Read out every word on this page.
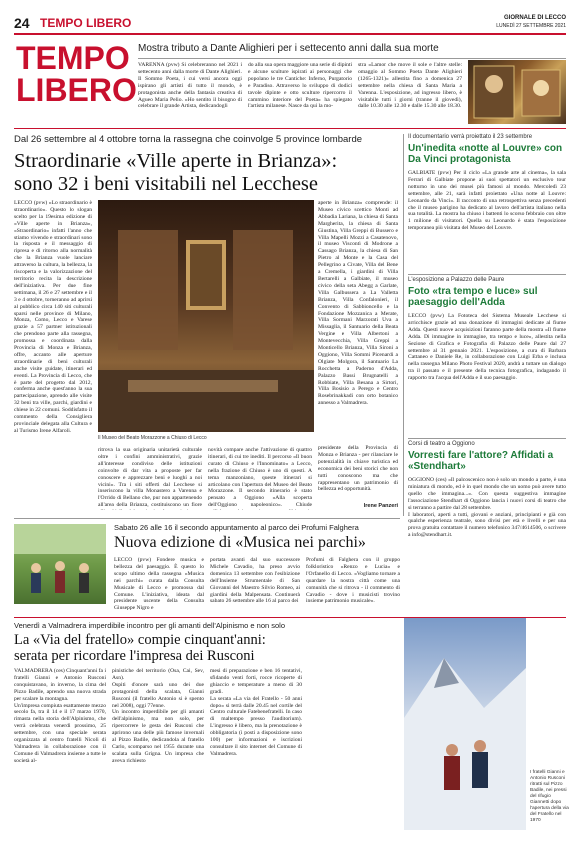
24 TEMPO LIBERO	GIORNALE DI LECCO
LUNEDÌ 27 SETTEMBRE 2021
TEMPO
LIBERO
Mostra tributo a Dante Alighieri per i settecento anni dalla sua morte
VARENNA (pvw) Si celebreranno nel 2021 i settecento anni dalla morte di Dante Alighieri. Il Sommo Poeta, i cui versi ancora oggi ispirano gli artisti di tutto il mondo, è protagonista anche della fantasia creativa di Agueo Maria Pelio. «Ho sentito il bisogno di celebrare il grande Artista, dedicandogli
do alla sua opera maggiore una serie di dipinti e alcune sculture ispirati ai personaggi che popolano le tre Cantiche: Inferno, Purgatorio e Paradiso. Attraverso lo sviluppo di dodici tavole dipinte e otto sculture ripercorro il cammino interiore del Poeta» ha spiegato l'artista milanese. Nasce da qui la mo-
stra «Lamor che move il sole e l'altre stelle: omaggio al Sommo Poeta Dante Alighieri (1265-1321)» allestita fino a domenica 27 settembre nella chiesa di Santa Maria a Varenna. L'esposizione, ad ingresso libero, è visitabile tutti i giorni (tranne il giovedì), dalle 10.30 alle 12.30 e dalle 15.30 alle 18.30.
Dal 26 settembre al 4 ottobre torna la rassegna che coinvolge 5 province lombarde
Straordinarie «Ville aperte in Brianza»:
sono 32 i beni visitabili nel Lecchese
LECCO (pvw) «Lo straordinario è straordinario». Questo lo slogan scelto per la 19esima edizione di «Ville aperte in Brianza», «Straordinario» infatti l'anno che stiamo vivendo e straordinari sono la risposta e il messaggio di ripresa e di ritorno alla normalità che la Brianza vuole lanciare attraverso la cultura, la bellezza, la riscoperta e la valorizzazione del territorio recita la descrizione dell'iniziativa. Per due fine settimana, il 26 e 27 settembre e il 3 e 4 ottobre, torneranno ad aprirsi al pubblico circa 140 siti culturali sparsi nelle province di Milano, Monza, Como, Lecco e Varese grazie a 57 partner istituzionali che prendono parte alla rassegna, promossa e coordinata dalla Provincia di Monza e Brianza, offre, accanto alle aperture straordinarie di beni culturali anche visite guidate, itinerari ed eventi. La Provincia di Lecco, che è parte del progetto dal 2012, conferma anche quest'anno la sua partecipazione, aprendo alle visite 32 beni tra ville, parchi, giardini e chiese in 22 comuni. Soddisfatto il commento della Consigliera provinciale delegata alla Cultura e al Turismo Irene Alfaroli.
Il Museo del Beato Morazzone a Chiuso di Lecco
ritrova la sua originaria unitarietà culturale oltre i confini amministrativi, grazie all'interesse condiviso delle istituzioni coinvolte di dar vita a proposte per far conoscere e apprezzare beni e luoghi a noi vicini». Tra i siti offerti dal Lecchese si inseriscono la villa Monastero a Varenna e l'Orrido di Bellano che, pur non appartenendo all'area della Brianza, costituiscono un fiore
novità compare anche l'attivazione di quattro itinerari, di cui tre inediti. Il percorso «Il buon curato di Chiuso e l'Innominato» a Lecco, nella frazione di Chiuso è uno di questi. A tema manzoniano, queste itinerari si articolano con l'apertura del Museo del Beato Morazzone. Il secondo itinerario è stato pensato a Oggiono «Alla scoperta dell'Oggiono napoleonico». Chiude
aperte in Brianza» comprende: il Museo civico scettico Monti ad Abbadia Lariana, la chiesa di Santa Margherita, la chiesa di Santa Giustina, Villa Greppi di Bussero e Villa Mapelli Mozzi a Casatenovo, il museo Viscontì di Modrone a Cassago Brianza, la chiesa di San Pietro al Monte e la Casa del Pellegrino a Civate, Villa del Bene a Cremella, i giardini di Villa Bertarelli a Galbiate, il museo civico della seta Abegg a Garlate, Villa Galbussera a La Valletta Brianza, Villa Confalonieri, il Convento di Sabbioncello e la Fondazione Mozzanica a Merate, Villa Sormani Marzorati Uva a Missaglia, il Santuario della Beata Vergine e Villa Albertoni a Montevecchia, Villa Greppi a Monticello Brianza, Villa Sironi a Oggiono, Villa Sommi Picenardi a Olgiate Molgora, il Santuario La Rocchetta a Paderno d'Adda, Palazzo Bassi Brugnatelli a Robbiate, Villa Besana a Sirtori, Villa Bosisio a Perego e Centro Rosebrinakkadi con orto botanico annesso a Valmadrera.
presidente della Provincia di Monza e Brianza - per rilanciare le potenzialità in chiave turistica ed economica dei beni storici che non tutti conoscono ma che rappresentano un patrimonio di bellezza ed opportunità.
Irene Panzeri
Il documentario verrà proiettato il 23 settembre
Un'inedita «notte al Louvre» con Da Vinci protagonista
GALBIATE (pvw) Per il ciclo «La grande arte al cinema», la sala Ferrari di Galbiate propone ai suoi spettatori un esclusivo tour notturno in uno dei musei più famosi al mondo. Mercoledì 23 settembre, alle 21, sarà infatti proiettato «Una notte al Louvre: Leonardo da Vinci». Il racconto di una retrospettiva senza precedenti che il museo parigino ha dedicato al lavoro dell'artista italiano nella sua totalità. La mostra ha chiuso i battenti lo scorso febbraio con oltre 1 milione di visitatori. Quella su Leonardo è stata l'esposizione temporanea più visitata del Museo del Louvre.
L'esposizione a Palazzo delle Paure
Foto «tra tempo e luce» sul paesaggio dell'Adda
LECCO (pvw) La Fototeca del Sistema Museale Lecchese si arricchisce grazie ad una donazione di immagini dedicate al fiume Adda. Questi nuove acquisizioni faranno parte della mostra «Il fiume Adda. Di immagine in immagine, tra tempo e luce», allestita nella Sezione di Grafica e Fotografia di Palazzo delle Paure dal 27 settembre al 31 gennaio 2021. L'esposizione, a cura di Barbara Cattaneo e Daniele Re, in collaborazione con Luigi Erba e inclusa nella rassegna Milano Photo Festival 2020, andrà a tuttare un dialogo tra il passato e il presente della tecnica fotografica, indagando il rapporto tra l'acqua dell'Adda e il suo paesaggio.
Corsi di teatro a Oggiono
Vorresti fare l'attore? Affidati a «Stendhart»
OGGIONO (ces) «Il palcoscenico non è solo un mondo a parte, è una miniatura di mondo, ed è in quel mondo che un uomo può avere tutto quello che immagina...». Con questa suggestiva immagine l'associazione Stendhart di Oggiono lancia i nuovi corsi di teatro che si terranno a partire dal 28 settembre.
I laboratori, aperti a tutti, giovani e anziani, principianti e già con qualche esperienza teatrale, sono divisi per età e livelli e per una prova gratuita contattare il numero telefonico 347/4614506, o scrivere a info@stendhart.it.
Sabato 26 alle 16 il secondo appuntamento al parco dei Profumi Falghera
Nuova edizione di «Musica nei parchi»
LECCO (pvw) Fondere musica e bellezza del paesaggio. È questo lo scopo ultimo della rassegna «Musica nei parchi» curata dalla Consulta Musicale di Lecco e promossa dal Comune. L'iniziativa, ideata dal presidente uscente della Consulta Giuseppe Nigro e
portata avanti dal suo successore Michele Cavadio, ha preso avvio domenica 13 settembre con l'esibizione dell'Insieme Strumentale di San Giovanni del Maestro Silvio Romeo, ai giardini della Malpensata. Continuerà sabato 26 settembre alle 16 al parco dei
Profumi di Falghera con il gruppo folkloristico «Renzo e Lucia» e l'Orfanello di Lecco. «Vogliamo tornare a quardare la nostra città come una comunità che si ritrova - il commento di Cavadio - dove i musicisti trovino insieme patrimonio musicale».
Venerdì a Valmadrera imperdibile incontro per gli amanti dell'Alpinismo e non solo
La «Via del fratello» compie cinquant'anni:
serata per ricordare l'impresa dei Rusconi
VALMADRERA (ces) Cinquant'anni fa i fratelli Gianni e Antonio Rusconi conquistavano, in inverno, la cima del Pizzo Badile, aprendo una nuova strada per scalare la montagna.
Un'impresa compiuta esattamente mezzo secolo fa, tra il 14 e il 17 marzo 1970, rimasta nella storia dell'Alpinismo, che verrà celebrata venerdì prossimo, 25 settembre, con una speciale serata organizzata al centro fratelli Nicoli di Valmadrera in collaborazione con il Comune di Valmadrera insieme a tutte le società al-
pinistiche del territorio (Osa, Cai, Sev, Asn).
Ospiti d'onore sarà uno dei due protagonisti della scalata, Gianni Rusconi (il fratello Antonio si è spento nel 2008), oggi 77enne.
Un incontro imperdibile per gli amanti dell'alpinismo, ma non solo, per ripercorrere le gesta dei Rusconi che aprirono una delle più famose invernali al Pizzo Badile, dedicandola al fratello Carlo, scomparso nel 1955 durante una scalata sulla Grigna. Un impresa che aveva richiesto
mesi di preparazione e ben 16 tentativi, sfidando venti forti, rocce ricoperte di ghiaccio e temperature a meno di 30 gradi.
La serata «La via del Fratello - 50 anni dopo» si terrà dalle 20.45 nel cortile del Centro culturale Fatebenefratelli. In caso di maltempo presso l'auditorium). L'ingresso è libero, ma la prenotazione è obbligatoria (i posti a disposizione sono 100) per informazioni e iscrizioni consultare il sito internet del Comune di Valmadrera.
I fratelli Gianni e Antonio Rusconi ritratti sul Pizzo Badile, nei pressi del rifugio Giannetti dopo l'apertura della via del Fratello nel 1970
